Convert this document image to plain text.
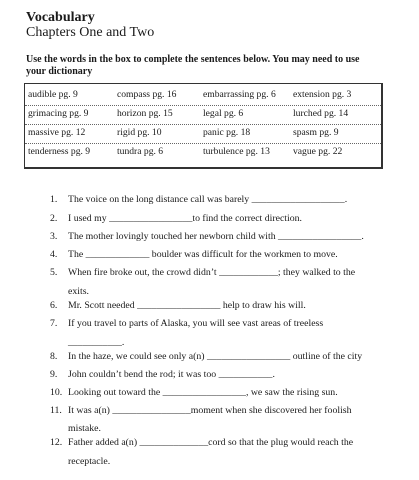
Vocabulary
Chapters One and Two
Use the words in the box to complete the sentences below. You may need to use your dictionary
audible pg. 9	compass pg. 16	embarrassing pg. 6 extension pg. 3
grimacing pg. 9	horizon pg. 15	legal pg. 6	lurched pg. 14
massive pg. 12	rigid pg. 10	panic pg. 18	spasm pg. 9
tenderness pg. 9	tundra pg. 6	turbulence pg. 13 vague pg. 22
1.	The voice on the long distance call was barely ___________________.
2.	I used my _________________to find the correct direction.
3.	The mother lovingly touched her newborn child with _________________.
4.	The _____________ boulder was difficult for the workmen to move.
5.	When fire broke out, the crowd didn’t ____________; they walked to the
exits.
6.	Mr. Scott needed _________________ help to draw his will.
7.	If you travel to parts of Alaska, you will see vast areas of treeless
___________.
8.	In the haze, we could see only a(n) _________________ outline of the city
9.	John couldn’t bend the rod; it was too ___________.
10. Looking out toward the _________________, we saw the rising sun.
11. It was a(n) ________________moment when she discovered her foolish
mistake.
12. Father added a(n) ______________cord so that the plug would reach the
receptacle.
